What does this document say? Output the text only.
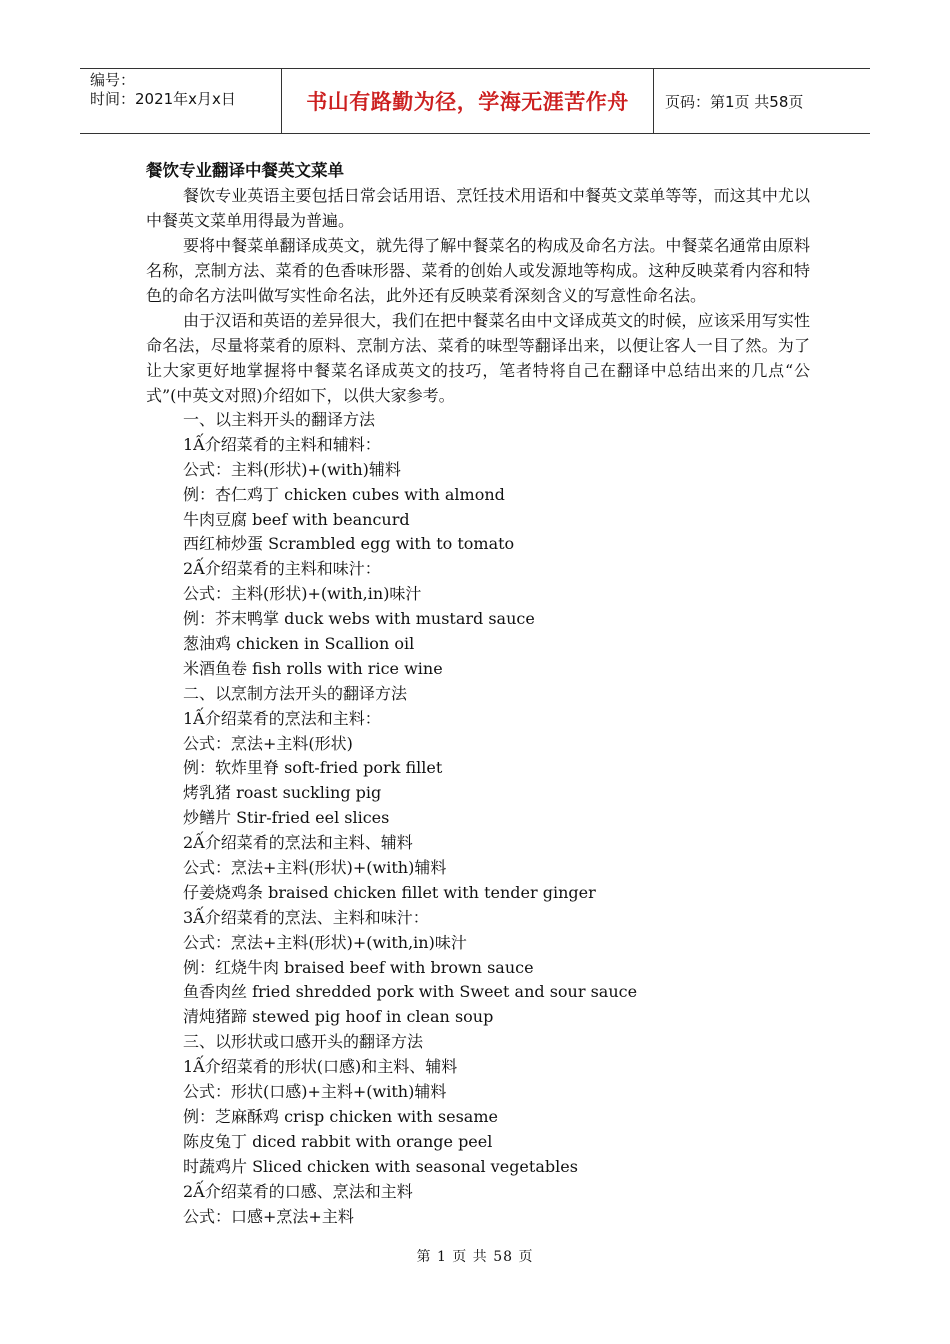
编号：
时间：2021年x月x日	书山有路勤为径，学海无涯苦作舟 页码：第1页 共58页
餐饮专业翻译中餐英文菜单

餐饮专业英语主要包括日常会话用语、烹饪技术用语和中餐英文菜单等等，而这其中尤以中餐英文菜单用得最为普遍。

要将中餐菜单翻译成英文，就先得了解中餐菜名的构成及命名方法。中餐菜名通常由原料名称，烹制方法、菜肴的色香味形器、菜肴的创始人或发源地等构成。这种反映菜肴内容和特色的命名方法叫做写实性命名法，此外还有反映菜肴深刻含义的写意性命名法。

由于汉语和英语的差异很大，我们在把中餐菜名由中文译成英文的时候，应该采用写实性命名法，尽量将菜肴的原料、烹制方法、菜肴的味型等翻译出来，以便让客人一目了然。为了让大家更好地掌握将中餐菜名译成英文的技巧，笔者特将自己在翻译中总结出来的几点“公式”(中英文对照)介绍如下，以供大家参考。

一、以主料开头的翻译方法
1Ấ介绍菜肴的主料和辅料：
公式：主料(形状)+(with)辅料
例：杏仁鸡丁 chicken cubes with almond
牛肉豆腐 beef with beancurd
西红柿炒蛋 Scrambled egg with to tomato
2Ấ介绍菜肴的主料和味汁：
公式：主料(形状)+(with,in)味汁
例：芥末鸭掌 duck webs with mustard sauce
葱油鸡 chicken in Scallion oil
米酒鱼卷 fish rolls with rice wine
二、以烹制方法开头的翻译方法
1Ấ介绍菜肴的烹法和主料：
公式：烹法+主料(形状)
例：软炸里脊 soft-fried pork fillet
烤乳猪 roast suckling pig
炒鳝片 Stir-fried eel slices
2Ấ介绍菜肴的烹法和主料、辅料
公式：烹法+主料(形状)+(with)辅料
仔姜烧鸡条 braised chicken fillet with tender ginger
3Ấ介绍菜肴的烹法、主料和味汁：
公式：烹法+主料(形状)+(with,in)味汁
例：红烧牛肉 braised beef with brown sauce
鱼香肉丝 fried shredded pork with Sweet and sour sauce
清炖猪蹄 stewed pig hoof in clean soup
三、以形状或口感开头的翻译方法
1Ấ介绍菜肴的形状(口感)和主料、辅料
公式：形状(口感)+主料+(with)辅料
例：芝麻酥鸡 crisp chicken with sesame
陈皮兔丁 diced rabbit with orange peel
时蔬鸡片 Sliced chicken with seasonal vegetables
2Ấ介绍菜肴的口感、烹法和主料
公式：口感+烹法+主料
第 1 页 共 58 页
